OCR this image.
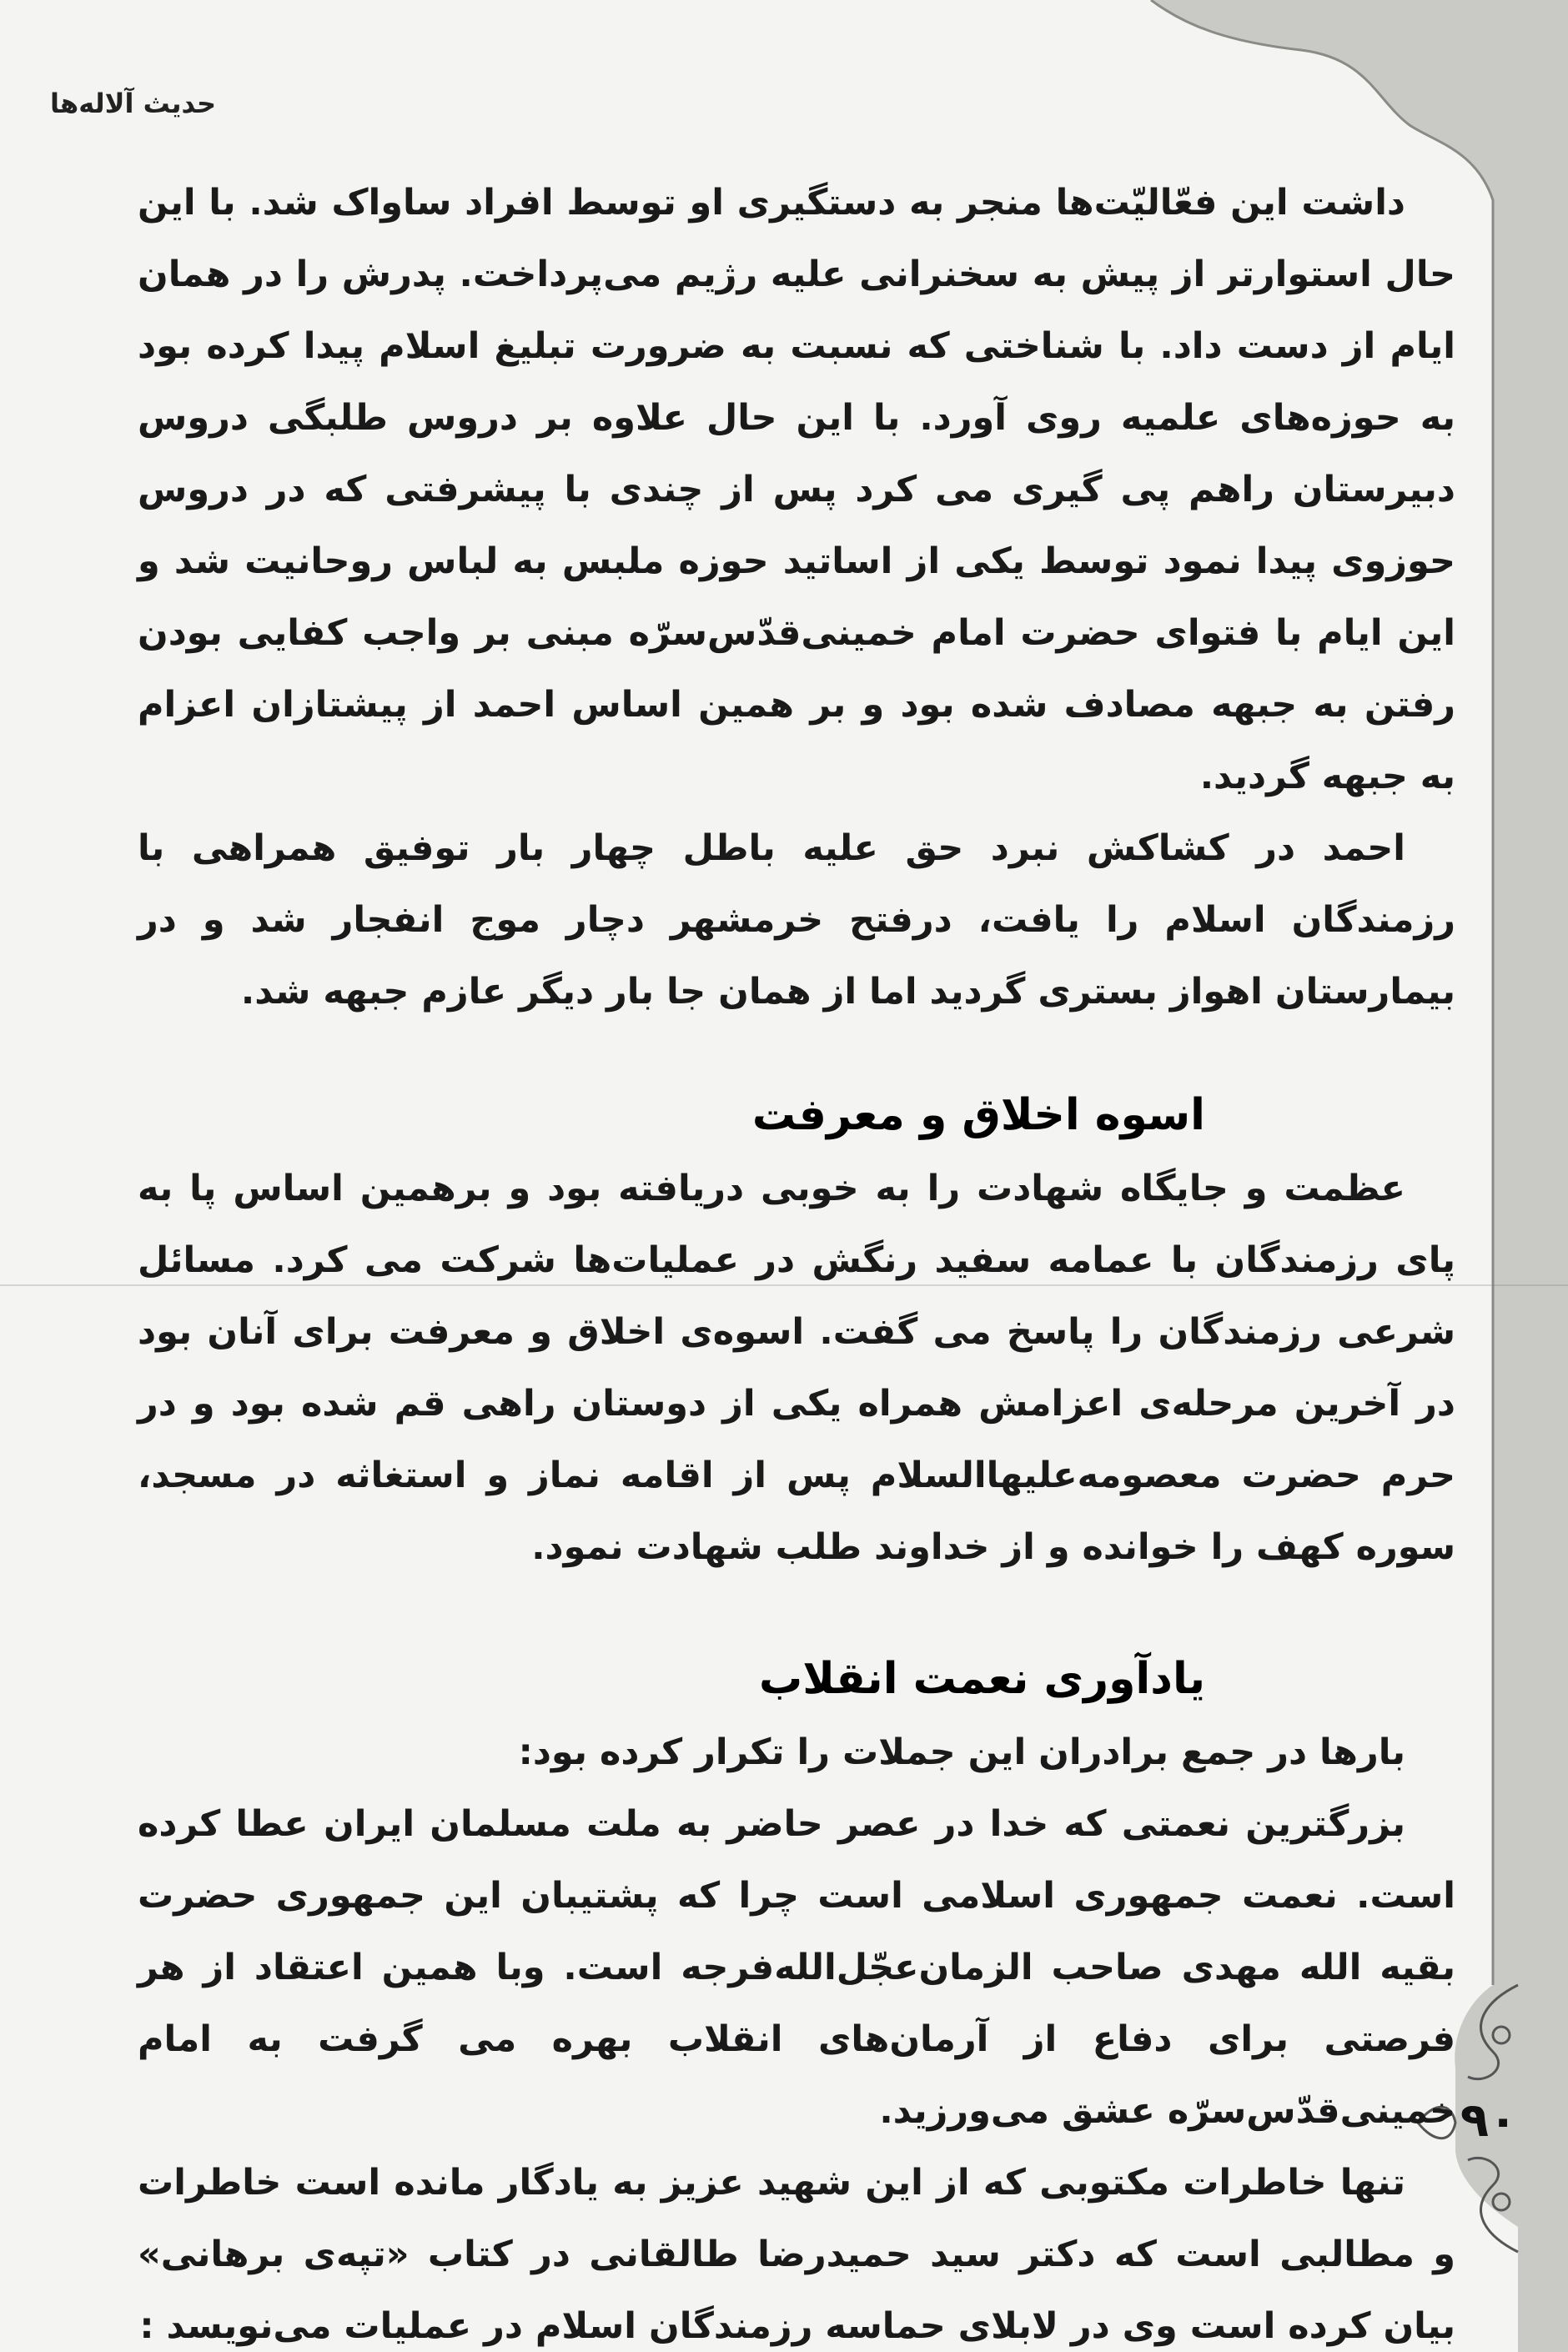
حدیث آلاله‌ها

داشت این فعّالیّت‌ها منجر به دستگیری او توسط افراد ساواک شد. با این حال استوارتر از پیش به سخنرانی علیه رژیم می‌پرداخت. پدرش را در همان ایام از دست داد. با شناختی که نسبت به ضرورت تبلیغ اسلام پیدا کرده بود به حوزه‌های علمیه روی آورد. با این حال علاوه بر دروس طلبگی دروس دبیرستان راهم پی گیری می کرد پس از چندی با پیشرفتی که در دروس حوزوی پیدا نمود توسط یکی از اساتید حوزه ملبس به لباس روحانیت شد و این ایام با فتوای حضرت امام خمینی‌قدّس‌سرّه مبنی بر واجب کفایی بودن رفتن به جبهه مصادف شده بود و بر همین اساس احمد از پیشتازان اعزام به جبهه گردید.

احمد در کشاکش نبرد حق علیه باطل چهار بار توفیق همراهی با رزمندگان اسلام را یافت، درفتح خرمشهر دچار موج انفجار شد و در بیمارستان اهواز بستری گردید اما از همان جا بار دیگر عازم جبهه شد.

اسوه اخلاق و معرفت

عظمت و جایگاه شهادت را به خوبی دریافته بود و برهمین اساس پا به پای رزمندگان با عمامه سفید رنگش در عملیات‌ها شرکت می کرد. مسائل شرعی رزمندگان را پاسخ می گفت. اسوه‌ی اخلاق و معرفت برای آنان بود در آخرین مرحله‌ی اعزامش همراه یکی از دوستان راهی قم شده بود و در حرم حضرت معصومه‌علیهاالسلام پس از اقامه نماز و استغاثه در مسجد، سوره کهف را خوانده و از خداوند طلب شهادت نمود.

یادآوری نعمت انقلاب

بارها در جمع برادران این جملات را تکرار کرده بود:

بزرگترین نعمتی که خدا در عصر حاضر به ملت مسلمان ایران عطا کرده است. نعمت جمهوری اسلامی است چرا که پشتیبان این جمهوری حضرت بقیه الله مهدی صاحب الزمان‌عجّل‌الله‌فرجه است. وبا همین اعتقاد از هر فرصتی برای دفاع از آرمان‌های انقلاب بهره می گرفت به امام خمینی‌قدّس‌سرّه عشق می‌ورزید.

تنها خاطرات مکتوبی که از این شهید عزیز به یادگار مانده است خاطرات و مطالبی است که دکتر سید حمیدرضا طالقانی در کتاب «تپه‌ی برهانی» بیان کرده است وی در لابلای حماسه رزمندگان اسلام در عملیات می‌نویسد :

۹۰
